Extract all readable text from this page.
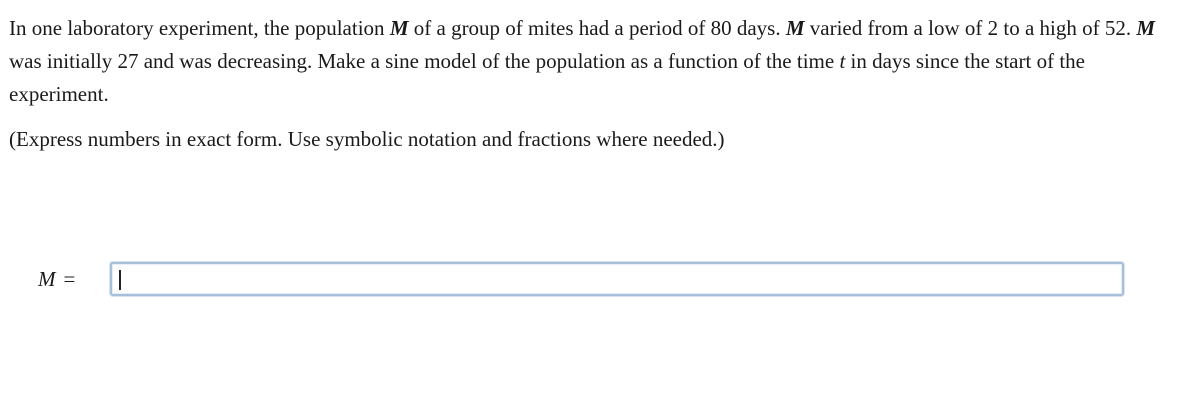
In one laboratory experiment, the population M of a group of mites had a period of 80 days. M varied from a low of 2 to a high of 52. M was initially 27 and was decreasing. Make a sine model of the population as a function of the time t in days since the start of the experiment.

(Express numbers in exact form. Use symbolic notation and fractions where needed.)

M =
